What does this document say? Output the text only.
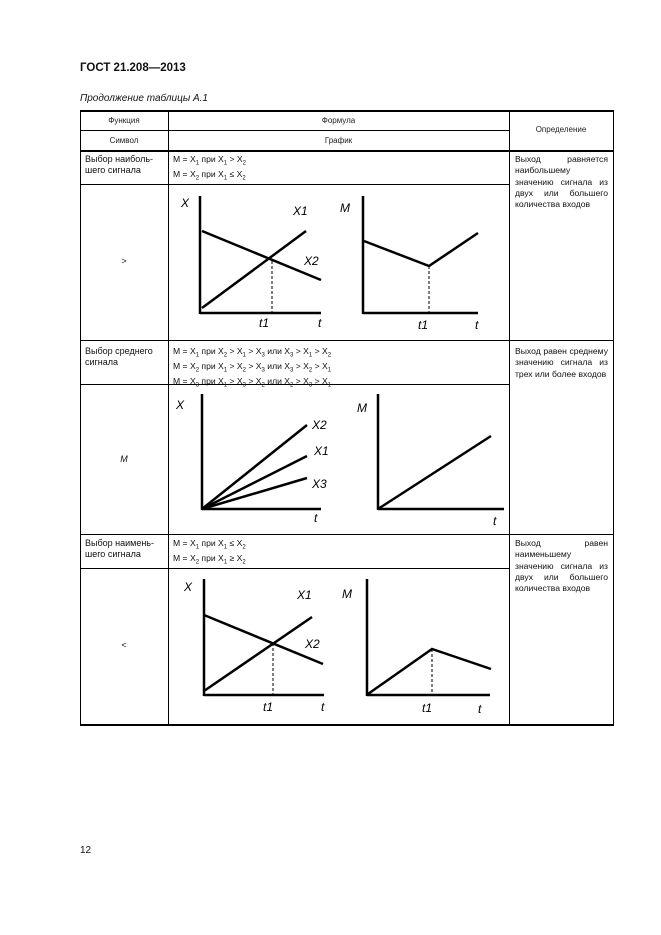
ГОСТ 21.208—2013
Продолжение таблицы А.1
Функция
Символ
Формула
График
Определение
Выбор наиболь-
шего сигнала
$M = X_1$ при $X_1 > X_2$
$M = X_2$ при $X_1 \le X_2$
Выход равняется наибольшему значению сигнала из двух или большего количества входов
>
Выбор среднего
сигнала
$M = X_1$ при $X_2 > X_1 > X_3$ или $X_3 > X_1 > X_2$
$M = X_2$ при $X_1 > X_2 > X_3$ или $X_3 > X_2 > X_1$
$M = X_3$ при $X_1 > X_3 > X_2$ или $X_2 > X_3 > X_1$
Выход равен среднему значению сигнала из трех или более входов
M
Выбор наимень-
шего сигнала
$M = X_1$ при $X_1 \le X_2$
$M = X_2$ при $X_1 \ge X_2$
Выход равен наименьшему значению сигнала из двух или большего количества входов
<
X
X1
X2
t
t1
M
t
t1
X
X2
X1
X3
t
M
t
X
X1
X2
t
t1
M
t
t1
12
